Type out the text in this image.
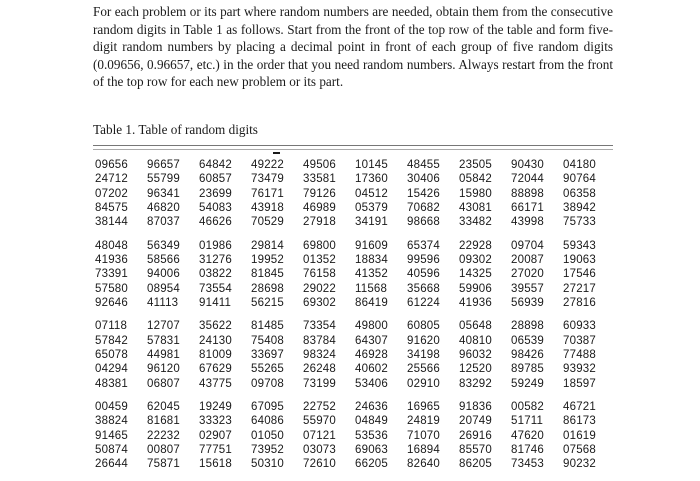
For each problem or its part where random numbers are needed, obtain them from the consecutive random digits in Table 1 as follows. Start from the front of the top row of the table and form five-digit random numbers by placing a decimal point in front of each group of five random digits (0.09656, 0.96657, etc.) in the order that you need random numbers. Always restart from the front of the top row for each new problem or its part.

Table 1. Table of random digits

09656	96657	64842	49222	49506	10145	48455	23505	90430	04180
24712	55799	60857	73479	33581	17360	30406	05842	72044	90764
07202	96341	23699	76171	79126	04512	15426	15980	88898	06358
84575	46820	54083	43918	46989	05379	70682	43081	66171	38942
38144	87037	46626	70529	27918	34191	98668	33482	43998	75733
48048	56349	01986	29814	69800	91609	65374	22928	09704	59343
41936	58566	31276	19952	01352	18834	99596	09302	20087	19063
73391	94006	03822	81845	76158	41352	40596	14325	27020	17546
57580	08954	73554	28698	29022	11568	35668	59906	39557	27217
92646	41113	91411	56215	69302	86419	61224	41936	56939	27816
07118	12707	35622	81485	73354	49800	60805	05648	28898	60933
57842	57831	24130	75408	83784	64307	91620	40810	06539	70387
65078	44981	81009	33697	98324	46928	34198	96032	98426	77488
04294	96120	67629	55265	26248	40602	25566	12520	89785	93932
48381	06807	43775	09708	73199	53406	02910	83292	59249	18597
00459	62045	19249	67095	22752	24636	16965	91836	00582	46721
38824	81681	33323	64086	55970	04849	24819	20749	51711	86173
91465	22232	02907	01050	07121	53536	71070	26916	47620	01619
50874	00807	77751	73952	03073	69063	16894	85570	81746	07568
26644	75871	15618	50310	72610	66205	82640	86205	73453	90232
